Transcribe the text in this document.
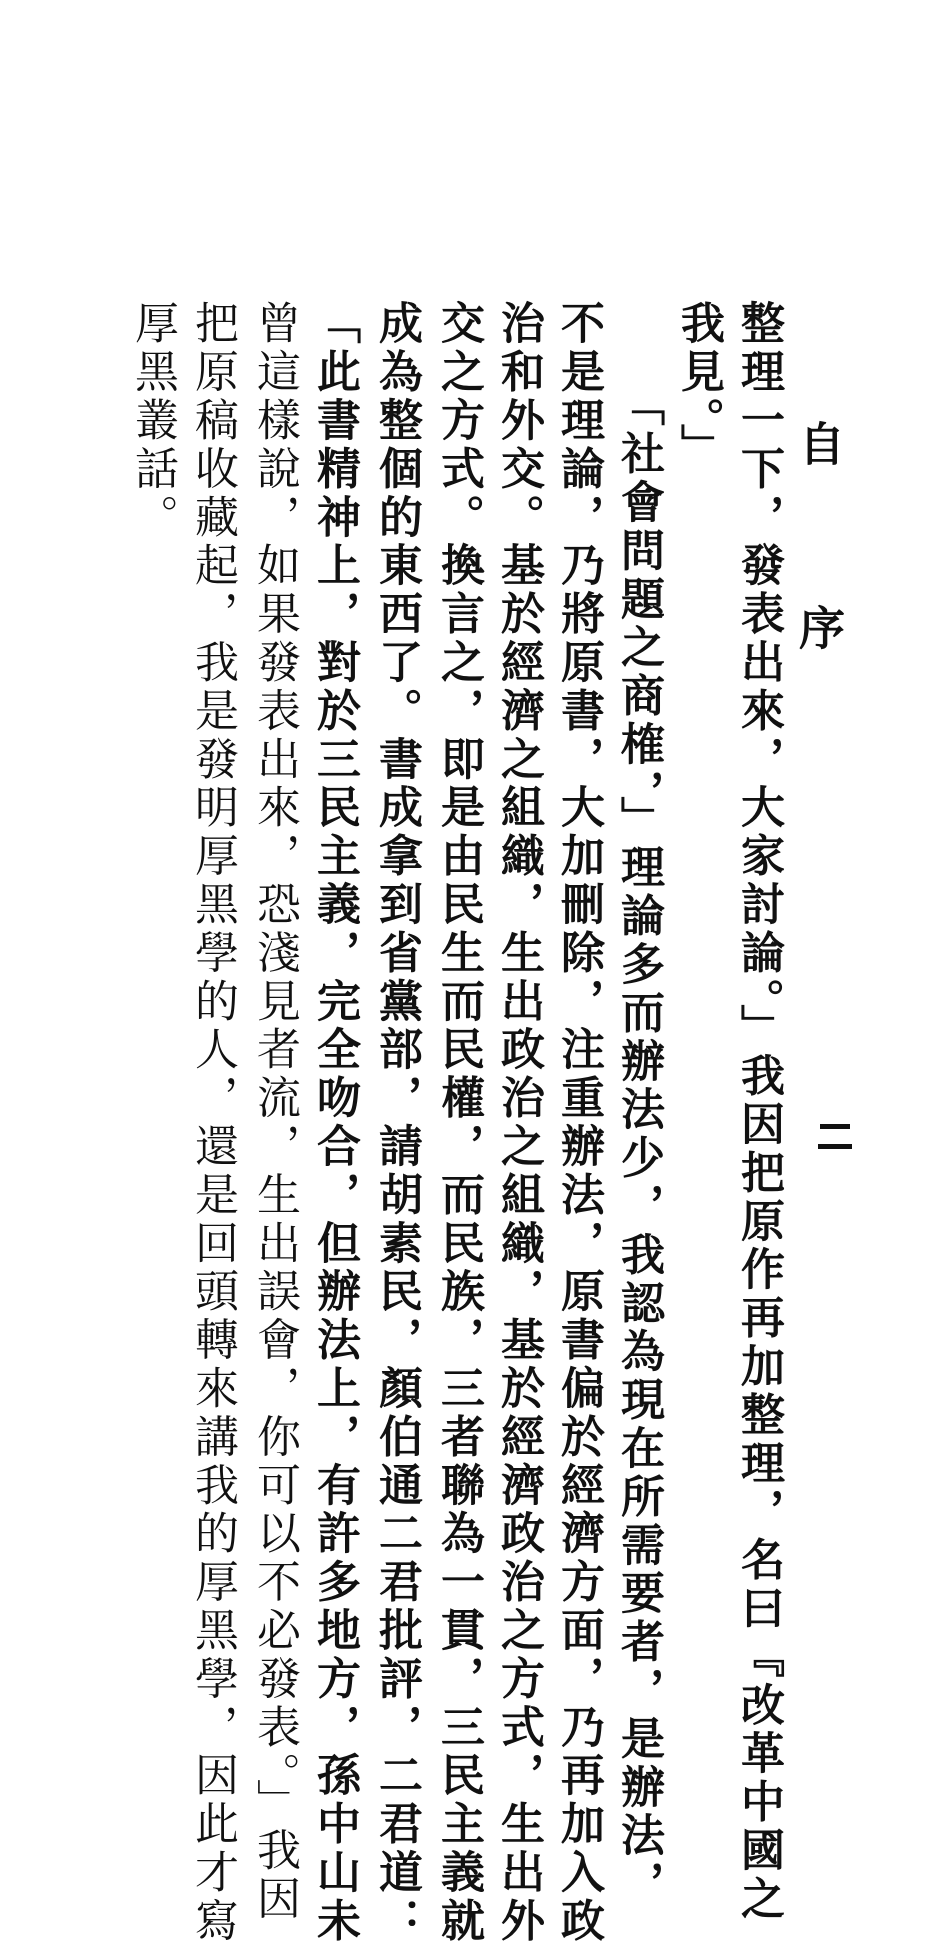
自　序
整理一下，發表出來，大家討論。」我因把原作再加整理，名曰『改革中國之
我見。」
「社會問題之商榷，」理論多而辦法少，我認為現在所需要者，是辦法，
不是理論，乃將原書，大加刪除，注重辦法，原書偏於經濟方面，乃再加入政
治和外交。基於經濟之組織，生出政治之組織，基於經濟政治之方式，生出外
交之方式。換言之，即是由民生而民權，而民族，三者聯為一貫，三民主義就
成為整個的東西了。書成拿到省黨部，請胡素民，顏伯通二君批評，二君道：
「此書精神上，對於三民主義，完全吻合，但辦法上，有許多地方，孫中山未
曾這樣說，如果發表出來，恐淺見者流，生出誤會，你可以不必發表。」我因
把原稿收藏起，我是發明厚黑學的人，還是回頭轉來講我的厚黑學，因此才寫
厚黑叢話。
